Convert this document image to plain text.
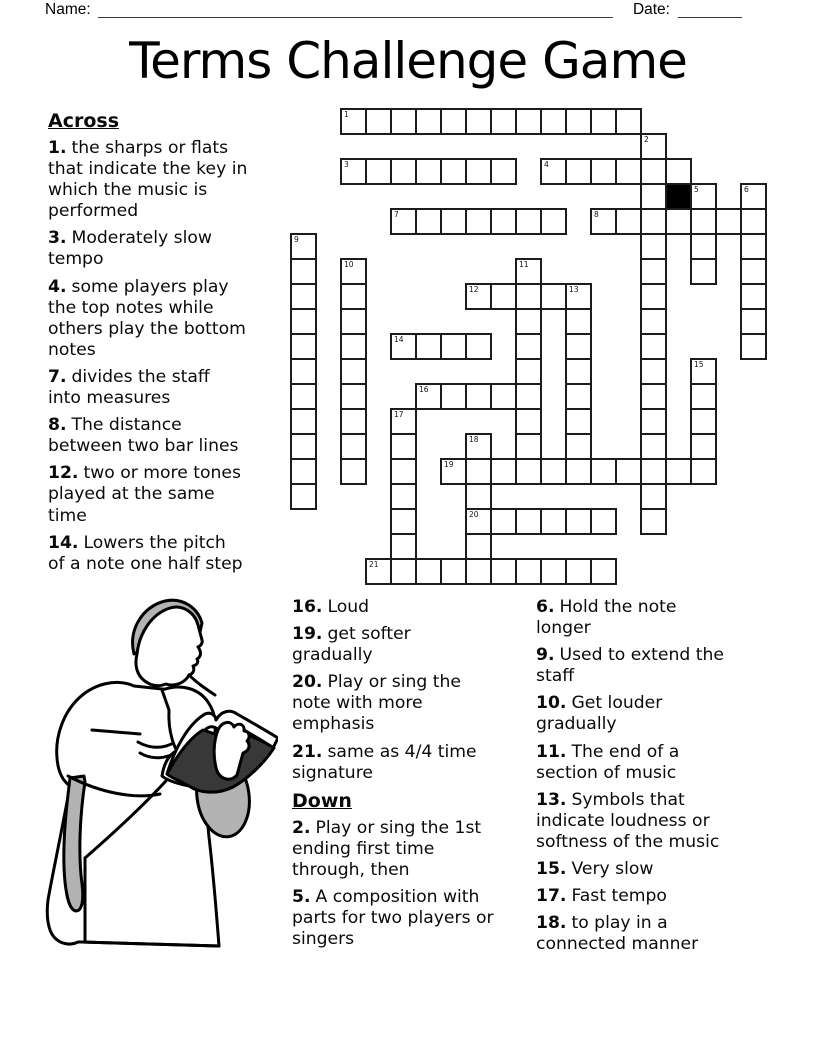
Name:	Date:
Terms Challenge Game
1
3	4
7	8
12	13
14
16
19
20
21
2
5	6
9
10	11
15
17
18
Across

1. the sharps or flats
that indicate the key in
which the music is
performed

3. Moderately slow
tempo

4. some players play
the top notes while
others play the bottom
notes

7. divides the staff
into measures

8. The distance
between two bar lines

12. two or more tones
played at the same
time

14. Lowers the pitch
of a note one half step

16. Loud

19. get softer
gradually

20. Play or sing the
note with more
emphasis

21. same as 4/4 time
signature

Down

2. Play or sing the 1st
ending first time
through, then

5. A composition with
parts for two players or
singers

6. Hold the note
longer

9. Used to extend the
staff

10. Get louder
gradually

11. The end of a
section of music

13. Symbols that
indicate loudness or
softness of the music

15. Very slow

17. Fast tempo

18. to play in a
connected manner
